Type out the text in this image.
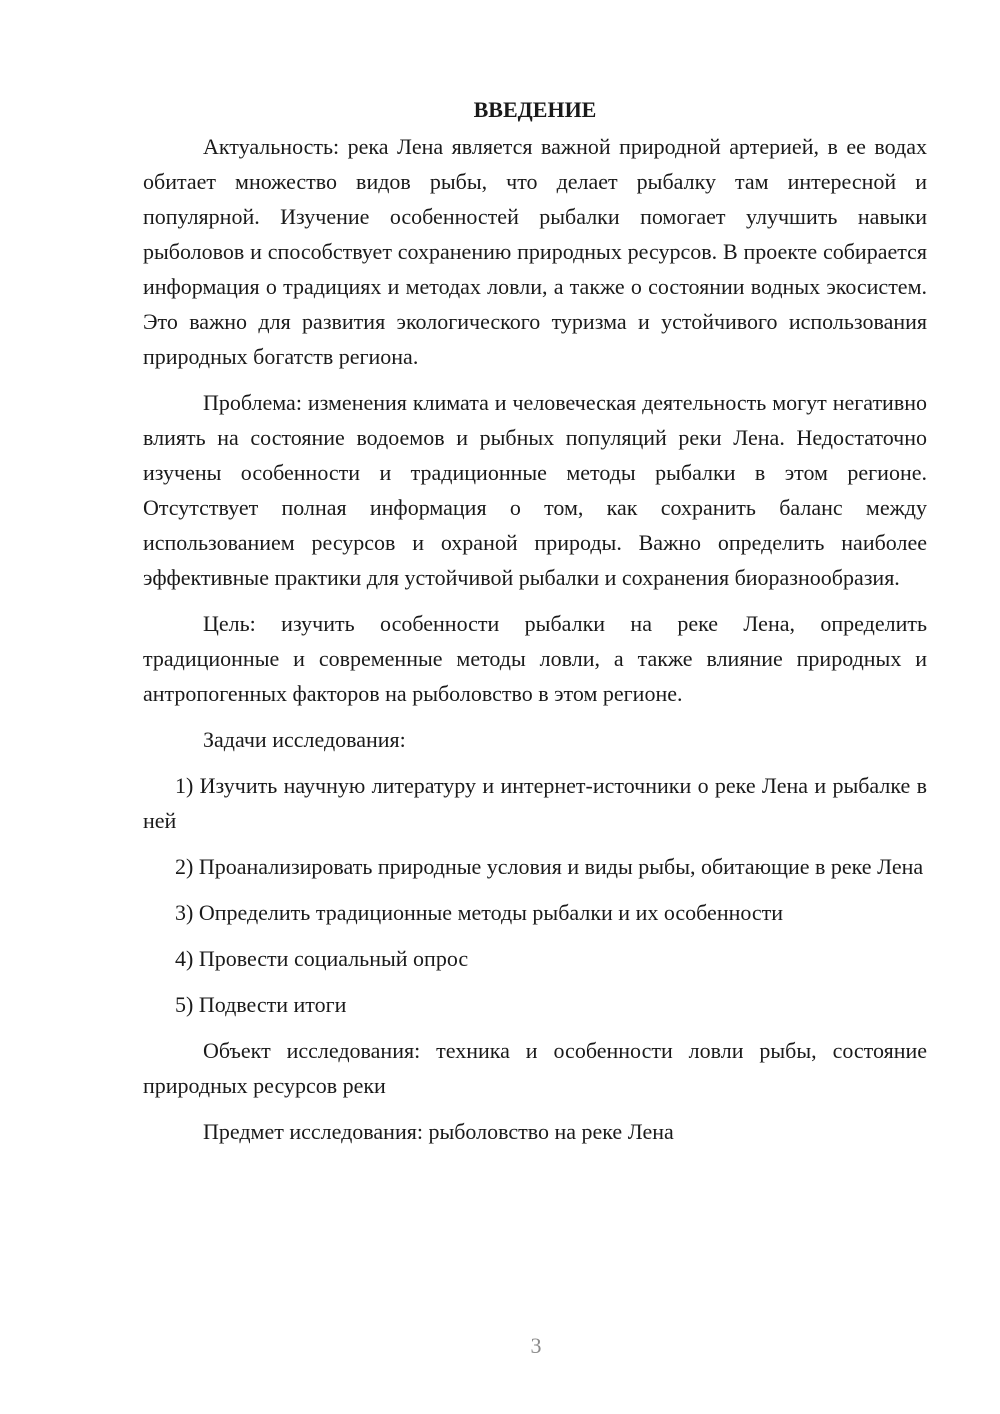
ВВЕДЕНИЕ

Актуальность: река Лена является важной природной артерией, в ее водах обитает множество видов рыбы, что делает рыбалку там интересной и популярной. Изучение особенностей рыбалки помогает улучшить навыки рыболовов и способствует сохранению природных ресурсов. В проекте собирается информация о традициях и методах ловли, а также о состоянии водных экосистем. Это важно для развития экологического туризма и устойчивого использования природных богатств региона.

Проблема: изменения климата и человеческая деятельность могут негативно влиять на состояние водоемов и рыбных популяций реки Лена. Недостаточно изучены особенности и традиционные методы рыбалки в этом регионе. Отсутствует полная информация о том, как сохранить баланс между использованием ресурсов и охраной природы. Важно определить наиболее эффективные практики для устойчивой рыбалки и сохранения биоразнообразия.

Цель: изучить особенности рыбалки на реке Лена, определить традиционные и современные методы ловли, а также влияние природных и антропогенных факторов на рыболовство в этом регионе.

Задачи исследования:

1) Изучить научную литературу и интернет-источники о реке Лена и рыбалке в ней

2) Проанализировать природные условия и виды рыбы, обитающие в реке Лена

3) Определить традиционные методы рыбалки и их особенности

4) Провести социальный опрос

5) Подвести итоги

Объект исследования: техника и особенности ловли рыбы, состояние природных ресурсов реки

Предмет исследования: рыболовство на реке Лена

3
